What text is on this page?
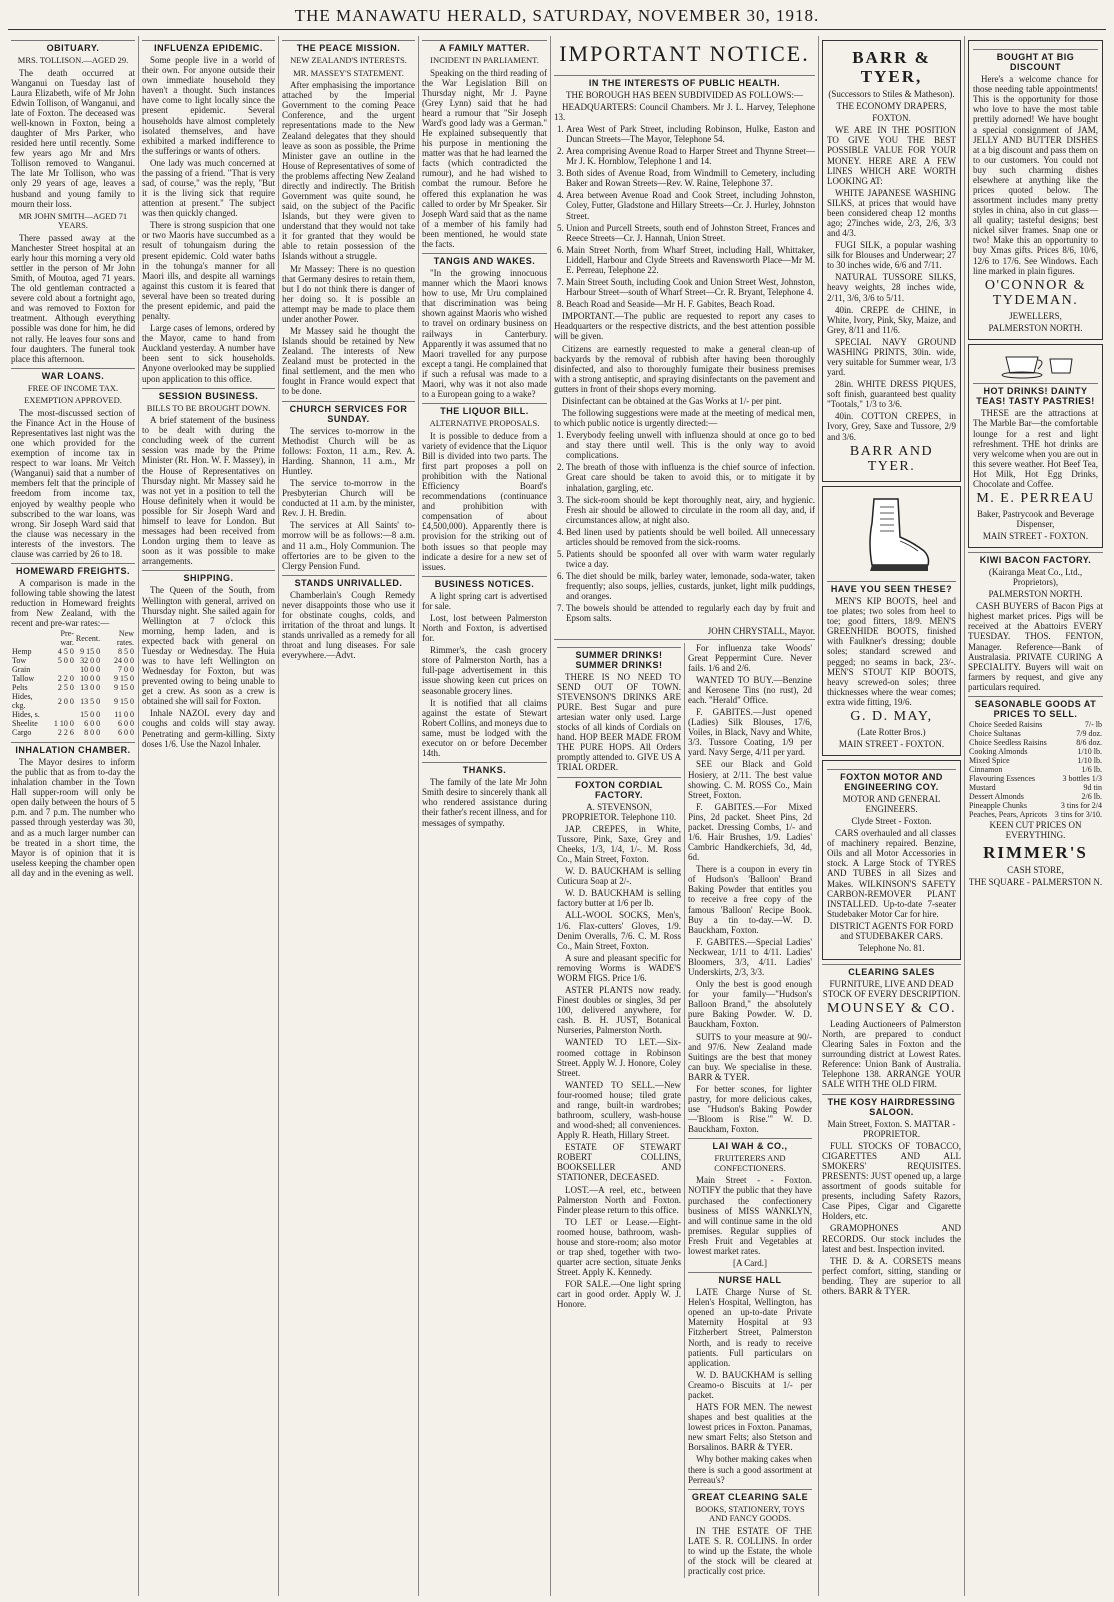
THE MANAWATU HERALD, SATURDAY, NOVEMBER 30, 1918.
OBITUARY.
MRS. TOLLISON.—AGED 29.

The death occurred at Wanganui on Tuesday last of Laura Elizabeth, wife of Mr John Edwin Tollison, of Wanganui, and late of Foxton. The deceased was well-known in Foxton, being a daughter of Mrs Parker, who resided here until recently. Some few years ago Mr and Mrs Tollison removed to Wanganui. The late Mr Tollison, who was only 29 years of age, leaves a husband and young family to mourn their loss.

MR JOHN SMITH—AGED 71 YEARS.

There passed away at the Manchester Street hospital at an early hour this morning a very old settler in the person of Mr John Smith, of Moutoa, aged 71 years. The old gentleman contracted a severe cold about a fortnight ago, and was removed to Foxton for treatment. Although everything possible was done for him, he did not rally. He leaves four sons and four daughters. The funeral took place this afternoon.

WAR LOANS.
FREE OF INCOME TAX.
EXEMPTION APPROVED.

The most-discussed section of the Finance Act in the House of Representatives last night was the one which provided for the exemption of income tax in respect to war loans. Mr Veitch (Wanganui) said that a number of members felt that the principle of freedom from income tax, enjoyed by wealthy people who subscribed to the war loans, was wrong. Sir Joseph Ward said that the clause was necessary in the interests of the investors. The clause was carried by 26 to 18.

HOMEWARD FREIGHTS.

A comparison is made in the following table showing the latest reduction in Homeward freights from New Zealand, with the recent and pre-war rates:—

	Pre-war.	Recent.	New rates.
Hemp	4 5 0	9 15 0	8 5 0
Tow	5 0 0	32 0 0	24 0 0
Grain		10 0 0	7 0 0
Tallow	2 2 0	10 0 0	9 15 0
Pelts	2 5 0	13 0 0	9 15 0
Hides, ckg.	2 0 0	13 5 0	9 15 0
Hides, s.		15 0 0	11 0 0
Sheelite	1 10 0	6 0 0	6 0 0
Cargo	2 2 6	8 0 0	6 0 0
INHALATION CHAMBER.

The Mayor desires to inform the public that as from to-day the inhalation chamber in the Town Hall supper-room will only be open daily between the hours of 5 p.m. and 7 p.m. The number who passed through yesterday was 30, and as a much larger number can be treated in a short time, the Mayor is of opinion that it is useless keeping the chamber open all day and in the evening as well.

INFLUENZA EPIDEMIC.

Some people live in a world of their own. For anyone outside their own immediate household they haven't a thought. Such instances have come to light locally since the present epidemic. Several households have almost completely isolated themselves, and have exhibited a marked indifference to the sufferings or wants of others.

One lady was much concerned at the passing of a friend. "That is very sad, of course," was the reply, "But it is the living sick that require attention at present." The subject was then quickly changed.

There is strong suspicion that one or two Maoris have succumbed as a result of tohungaism during the present epidemic. Cold water baths in the tohunga's manner for all Maori ills, and despite all warnings against this custom it is feared that several have been so treated during the present epidemic, and paid the penalty.

Large cases of lemons, ordered by the Mayor, came to hand from Auckland yesterday. A number have been sent to sick households. Anyone overlooked may be supplied upon application to this office.

SESSION BUSINESS.
BILLS TO BE BROUGHT DOWN.

A brief statement of the business to be dealt with during the concluding week of the current session was made by the Prime Minister (Rt. Hon. W. F. Massey), in the House of Representatives on Thursday night. Mr Massey said he was not yet in a position to tell the House definitely when it would be possible for Sir Joseph Ward and himself to leave for London. But messages had been received from London urging them to leave as soon as it was possible to make arrangements.

SHIPPING.

The Queen of the South, from Wellington with general, arrived on Thursday night. She sailed again for Wellington at 7 o'clock this morning, hemp laden, and is expected back with general on Tuesday or Wednesday. The Huia was to have left Wellington on Wednesday for Foxton, but was prevented owing to being unable to get a crew. As soon as a crew is obtained she will sail for Foxton.

Inhale NAZOL every day and coughs and colds will stay away. Penetrating and germ-killing. Sixty doses 1/6. Use the Nazol Inhaler.

THE PEACE MISSION.
NEW ZEALAND'S INTERESTS.
MR. MASSEY'S STATEMENT.

After emphasising the importance attached by the Imperial Government to the coming Peace Conference, and the urgent representations made to the New Zealand delegates that they should leave as soon as possible, the Prime Minister gave an outline in the House of Representatives of some of the problems affecting New Zealand directly and indirectly. The British Government was quite sound, he said, on the subject of the Pacific Islands, but they were given to understand that they would not take it for granted that they would be able to retain possession of the Islands without a struggle.

Mr Massey: There is no question that Germany desires to retain them, but I do not think there is danger of her doing so. It is possible an attempt may be made to place them under another Power.

Mr Massey said he thought the Islands should be retained by New Zealand. The interests of New Zealand must be protected in the final settlement, and the men who fought in France would expect that to be done.

CHURCH SERVICES FOR SUNDAY.

The services to-morrow in the Methodist Church will be as follows: Foxton, 11 a.m., Rev. A. Harding. Shannon, 11 a.m., Mr Huntley.

The service to-morrow in the Presbyterian Church will be conducted at 11 a.m. by the minister, Rev. J. H. Bredin.

The services at All Saints' to-morrow will be as follows:—8 a.m. and 11 a.m., Holy Communion. The offertories are to be given to the Clergy Pension Fund.

STANDS UNRIVALLED.

Chamberlain's Cough Remedy never disappoints those who use it for obstinate coughs, colds, and irritation of the throat and lungs. It stands unrivalled as a remedy for all throat and lung diseases. For sale everywhere.—Advt.

A FAMILY MATTER.
INCIDENT IN PARLIAMENT.

Speaking on the third reading of the War Legislation Bill on Thursday night, Mr J. Payne (Grey Lynn) said that he had heard a rumour that "Sir Joseph Ward's good lady was a German." He explained subsequently that his purpose in mentioning the matter was that he had learned the facts (which contradicted the rumour), and he had wished to combat the rumour. Before he offered this explanation he was called to order by Mr Speaker. Sir Joseph Ward said that as the name of a member of his family had been mentioned, he would state the facts.

TANGIS AND WAKES.

"In the growing innocuous manner which the Maori knows how to use, Mr Uru complained that discrimination was being shown against Maoris who wished to travel on ordinary business on railways in Canterbury. Apparently it was assumed that no Maori travelled for any purpose except a tangi. He complained that if such a refusal was made to a Maori, why was it not also made to a European going to a wake?

THE LIQUOR BILL.
ALTERNATIVE PROPOSALS.

It is possible to deduce from a variety of evidence that the Liquor Bill is divided into two parts. The first part proposes a poll on prohibition with the National Efficiency Board's recommendations (continuance and prohibition with compensation of about £4,500,000). Apparently there is provision for the striking out of both issues so that people may indicate a desire for a new set of issues.

BUSINESS NOTICES.

A light spring cart is advertised for sale.

Lost, lost between Palmerston North and Foxton, is advertised for.

Rimmer's, the cash grocery store of Palmerston North, has a full-page advertisement in this issue showing keen cut prices on seasonable grocery lines.

It is notified that all claims against the estate of Stewart Robert Collins, and moneys due to same, must be lodged with the executor on or before December 14th.

THANKS.

The family of the late Mr John Smith desire to sincerely thank all who rendered assistance during their father's recent illness, and for messages of sympathy.

IMPORTANT NOTICE.
IN THE INTERESTS OF PUBLIC HEALTH.

THE BOROUGH HAS BEEN SUBDIVIDED AS FOLLOWS:—

HEADQUARTERS: Council Chambers. Mr J. L. Harvey, Telephone 13.

1. Area West of Park Street, including Robinson, Hulke, Easton and Duncan Streets—The Mayor, Telephone 54.
2. Area comprising Avenue Road to Harper Street and Thynne Street—Mr J. K. Hornblow, Telephone 1 and 14.
3. Both sides of Avenue Road, from Windmill to Cemetery, including Baker and Rowan Streets—Rev. W. Raine, Telephone 37.
4. Area between Avenue Road and Cook Street, including Johnston, Coley, Futter, Gladstone and Hillary Streets—Cr. J. Hurley, Johnston Street.
5. Union and Purcell Streets, south end of Johnston Street, Frances and Reece Streets—Cr. J. Hannah, Union Street.
6. Main Street North, from Wharf Street, including Hall, Whittaker, Liddell, Harbour and Clyde Streets and Ravensworth Place—Mr M. E. Perreau, Telephone 22.
7. Main Street South, including Cook and Union Street West, Johnston, Harbour Street—south of Wharf Street—Cr. R. Bryant, Telephone 4.
8. Beach Road and Seaside—Mr H. F. Gabites, Beach Road.

IMPORTANT.—The public are requested to report any cases to Headquarters or the respective districts, and the best attention possible will be given.

Citizens are earnestly requested to make a general clean-up of backyards by the removal of rubbish after having been thoroughly disinfected, and also to thoroughly fumigate their business premises with a strong antiseptic, and spraying disinfectants on the pavement and gutters in front of their shops every morning.

Disinfectant can be obtained at the Gas Works at 1/- per pint.

The following suggestions were made at the meeting of medical men, to which public notice is urgently directed:—

1. Everybody feeling unwell with influenza should at once go to bed and stay there until well. This is the only way to avoid complications.
2. The breath of those with influenza is the chief source of infection. Great care should be taken to avoid this, or to mitigate it by inhalation, gargling, etc.
3. The sick-room should be kept thoroughly neat, airy, and hygienic. Fresh air should be allowed to circulate in the room all day, and, if circumstances allow, at night also.
4. Bed linen used by patients should be well boiled. All unnecessary articles should be removed from the sick-rooms.
5. Patients should be spoonfed all over with warm water regularly twice a day.
6. The diet should be milk, barley water, lemonade, soda-water, taken frequently; also soups, jellies, custards, junket, light milk puddings, and oranges.
7. The bowels should be attended to regularly each day by fruit and Epsom salts.

JOHN CHRYSTALL, Mayor.

SUMMER DRINKS! SUMMER DRINKS!

THERE IS NO NEED TO SEND OUT OF TOWN. STEVENSON'S DRINKS ARE PURE. Best Sugar and pure artesian water only used. Large stocks of all kinds of Cordials on hand. HOP BEER MADE FROM THE PURE HOPS. All Orders promptly attended to. GIVE US A TRIAL ORDER.

FOXTON CORDIAL FACTORY.

A. STEVENSON, PROPRIETOR. Telephone 110.

JAP. CREPES, in White, Tussore, Pink, Saxe, Grey and Cheeks, 1/3, 1/4, 1/-. M. Ross Co., Main Street, Foxton.

W. D. BAUCKHAM is selling Cuticura Soap at 2/-.

W. D. BAUCKHAM is selling factory butter at 1/6 per lb.

ALL-WOOL SOCKS, Men's, 1/6. Flax-cutters' Gloves, 1/9. Denim Overalls, 7/6. C. M. Ross Co., Main Street, Foxton.

A sure and pleasant specific for removing Worms is WADE'S WORM FIGS. Price 1/6.

ASTER PLANTS now ready. Finest doubles or singles, 3d per 100, delivered anywhere, for cash. B. H. JUST, Botanical Nurseries, Palmerston North.

WANTED TO LET.—Six-roomed cottage in Robinson Street. Apply W. J. Honore, Coley Street.

WANTED TO SELL.—New four-roomed house; tiled grate and range, built-in wardrobes; bathroom, scullery, wash-house and wood-shed; all conveniences. Apply R. Heath, Hillary Street.

ESTATE OF STEWART ROBERT COLLINS, BOOKSELLER AND STATIONER, DECEASED.

LOST.—A reel, etc., between Palmerston North and Foxton. Finder please return to this office.

TO LET or Lease.—Eight-roomed house, bathroom, wash-house and store-room; also motor or trap shed, together with two-quarter acre section, situate Jenks Street. Apply K. Kennedy.

FOR SALE.—One light spring cart in good order. Apply W. J. Honore.

For influenza take Woods' Great Peppermint Cure. Never fails. 1/6 and 2/6.

WANTED TO BUY.—Benzine and Kerosene Tins (no rust), 2d each. "Herald" Office.

F. GABITES.—Just opened (Ladies) Silk Blouses, 17/6, Voiles, in Black, Navy and White, 3/3. Tussore Coating, 1/9 per yard. Navy Serge, 4/11 per yard.

SEE our Black and Gold Hosiery, at 2/11. The best value showing. C. M. ROSS Co., Main Street, Foxton.

F. GABITES.—For Mixed Pins, 2d packet. Sheet Pins, 2d packet. Dressing Combs, 1/- and 1/6. Hair Brushes, 1/9. Ladies' Cambric Handkerchiefs, 3d, 4d, 6d.

There is a coupon in every tin of Hudson's 'Balloon' Brand Baking Powder that entitles you to receive a free copy of the famous 'Balloon' Recipe Book. Buy a tin to-day.—W. D. Bauckham, Foxton.

F. GABITES.—Special Ladies' Neckwear, 1/11 to 4/11. Ladies' Bloomers, 3/3, 4/11. Ladies' Underskirts, 2/3, 3/3.

Only the best is good enough for your family—"Hudson's Balloon Brand," the absolutely pure Baking Powder. W. D. Bauckham, Foxton.

SUITS to your measure at 90/- and 97/6. New Zealand made Suitings are the best that money can buy. We specialise in these. BARR & TYER.

For better scones, for lighter pastry, for more delicious cakes, use "Hudson's Baking Powder—'Bloom is Rise.'" W. D. Bauckham, Foxton.

LAI WAH & CO.,
FRUITERERS AND CONFECTIONERS.

Main Street - - Foxton. NOTIFY the public that they have purchased the confectionery business of MISS WANKLYN, and will continue same in the old premises. Regular supplies of Fresh Fruit and Vegetables at lowest market rates.

[A Card.]

NURSE HALL

LATE Charge Nurse of St. Helen's Hospital, Wellington, has opened an up-to-date Private Maternity Hospital at 93 Fitzherbert Street, Palmerston North, and is ready to receive patients. Full particulars on application.

W. D. BAUCKHAM is selling Creamo-o Biscuits at 1/- per packet.

HATS FOR MEN. The newest shapes and best qualities at the lowest prices in Foxton. Panamas, new smart Felts; also Stetson and Borsalinos. BARR & TYER.

Why bother making cakes when there is such a good assortment at Perreau's?

GREAT CLEARING SALE
BOOKS, STATIONERY, TOYS AND FANCY GOODS.

IN THE ESTATE OF THE LATE S. R. COLLINS. In order to wind up the Estate, the whole of the stock will be cleared at practically cost price.

BARR & TYER,

(Successors to Stiles & Matheson).

THE ECONOMY DRAPERS,

FOXTON.

WE ARE IN THE POSITION TO GIVE YOU THE BEST POSSIBLE VALUE FOR YOUR MONEY. HERE ARE A FEW LINES WHICH ARE WORTH LOOKING AT:

WHITE JAPANESE WASHING SILKS, at prices that would have been considered cheap 12 months ago; 27inches wide, 2/3, 2/6, 3/3 and 4/3.

FUGI SILK, a popular washing silk for Blouses and Underwear; 27 to 30 inches wide, 6/6 and 7/11.

NATURAL TUSSORE SILKS, heavy weights, 28 inches wide, 2/11, 3/6, 3/6 to 5/11.

40in. CREPE de CHINE, in White, Ivory, Pink, Sky, Maize, and Grey, 8/11 and 11/6.

SPECIAL NAVY GROUND WASHING PRINTS, 30in. wide, very suitable for Summer wear, 1/3 yard.

28in. WHITE DRESS PIQUES, soft finish, guaranteed best quality "Tootals," 1/3 to 3/6.

40in. COTTON CREPES, in Ivory, Grey, Saxe and Tussore, 2/9 and 3/6.

BARR AND TYER.
HAVE YOU SEEN THESE?

MEN'S KIP BOOTS, heel and toe plates; two soles from heel to toe; good fitters, 18/9. MEN'S GREENHIDE BOOTS, finished with Faulkner's dressing; double soles; standard screwed and pegged; no seams in back, 23/-. MEN'S STOUT KIP BOOTS, heavy screwed-on soles; three thicknesses where the wear comes; extra wide fitting, 19/6.

G. D. MAY,

(Late Rotter Bros.)

MAIN STREET - FOXTON.

FOXTON MOTOR AND ENGINEERING COY.

MOTOR AND GENERAL ENGINEERS.

Clyde Street - Foxton.

CARS overhauled and all classes of machinery repaired. Benzine, Oils and all Motor Accessories in stock. A Large Stock of TYRES AND TUBES in all Sizes and Makes. WILKINSON'S SAFETY CARBON-REMOVER PLANT INSTALLED. Up-to-date 7-seater Studebaker Motor Car for hire.

DISTRICT AGENTS FOR FORD and STUDEBAKER CARS.

Telephone No. 81.

CLEARING SALES

FURNITURE, LIVE AND DEAD STOCK OF EVERY DESCRIPTION.

MOUNSEY & CO.

Leading Auctioneers of Palmerston North, are prepared to conduct Clearing Sales in Foxton and the surrounding district at Lowest Rates. Reference: Union Bank of Australia. Telephone 138. ARRANGE YOUR SALE WITH THE OLD FIRM.

THE KOSY HAIRDRESSING SALOON.

Main Street, Foxton. S. MATTAR - PROPRIETOR.

FULL STOCKS OF TOBACCO, CIGARETTES AND ALL SMOKERS' REQUISITES. PRESENTS: JUST opened up, a large assortment of goods suitable for presents, including Safety Razors, Case Pipes, Cigar and Cigarette Holders, etc.

GRAMOPHONES AND RECORDS. Our stock includes the latest and best. Inspection invited.

THE D. & A. CORSETS means perfect comfort, sitting, standing or bending. They are superior to all others. BARR & TYER.

BOUGHT AT BIG DISCOUNT

Here's a welcome chance for those needing table appointments! This is the opportunity for those who love to have the most table prettily adorned! We have bought a special consignment of JAM, JELLY AND BUTTER DISHES at a big discount and pass them on to our customers. You could not buy such charming dishes elsewhere at anything like the prices quoted below. The assortment includes many pretty styles in china, also in cut glass—all quality; tasteful designs; best nickel silver frames. Snap one or two! Make this an opportunity to buy Xmas gifts. Prices 8/6, 10/6, 12/6 to 17/6. See Windows. Each line marked in plain figures.

O'CONNOR & TYDEMAN.

JEWELLERS,

PALMERSTON NORTH.

HOT DRINKS! DAINTY TEAS! TASTY PASTRIES!

THESE are the attractions at The Marble Bar—the comfortable lounge for a rest and light refreshment. THE hot drinks are very welcome when you are out in this severe weather. Hot Beef Tea, Hot Milk, Hot Egg Drinks, Chocolate and Coffee.

M. E. PERREAU

Baker, Pastrycook and Beverage Dispenser,

MAIN STREET - FOXTON.

KIWI BACON FACTORY.

(Kairanga Meat Co., Ltd., Proprietors),

PALMERSTON NORTH.

CASH BUYERS of Bacon Pigs at highest market prices. Pigs will be received at the Abattoirs EVERY TUESDAY. THOS. FENTON, Manager. Reference—Bank of Australasia. PRIVATE CURING A SPECIALITY. Buyers will wait on farmers by request, and give any particulars required.

SEASONABLE GOODS AT PRICES TO SELL.
Choice Seeded Raisins	7/- lb
Choice Sultanas	7/9 doz.
Choice Seedless Raisins	8/6 doz.
Cooking Almonds	1/10 lb.
Mixed Spice	1/10 lb.
Cinnamon	1/6 lb.
Flavouring Essences	3 bottles 1/3
Mustard	9d tin
Dessert Almonds	2/6 lb.
Pineapple Chunks	3 tins for 2/4
Peaches, Pears, Apricots	3 tins for 3/10.

KEEN CUT PRICES ON EVERYTHING.

RIMMER'S

CASH STORE,

THE SQUARE - PALMERSTON N.
